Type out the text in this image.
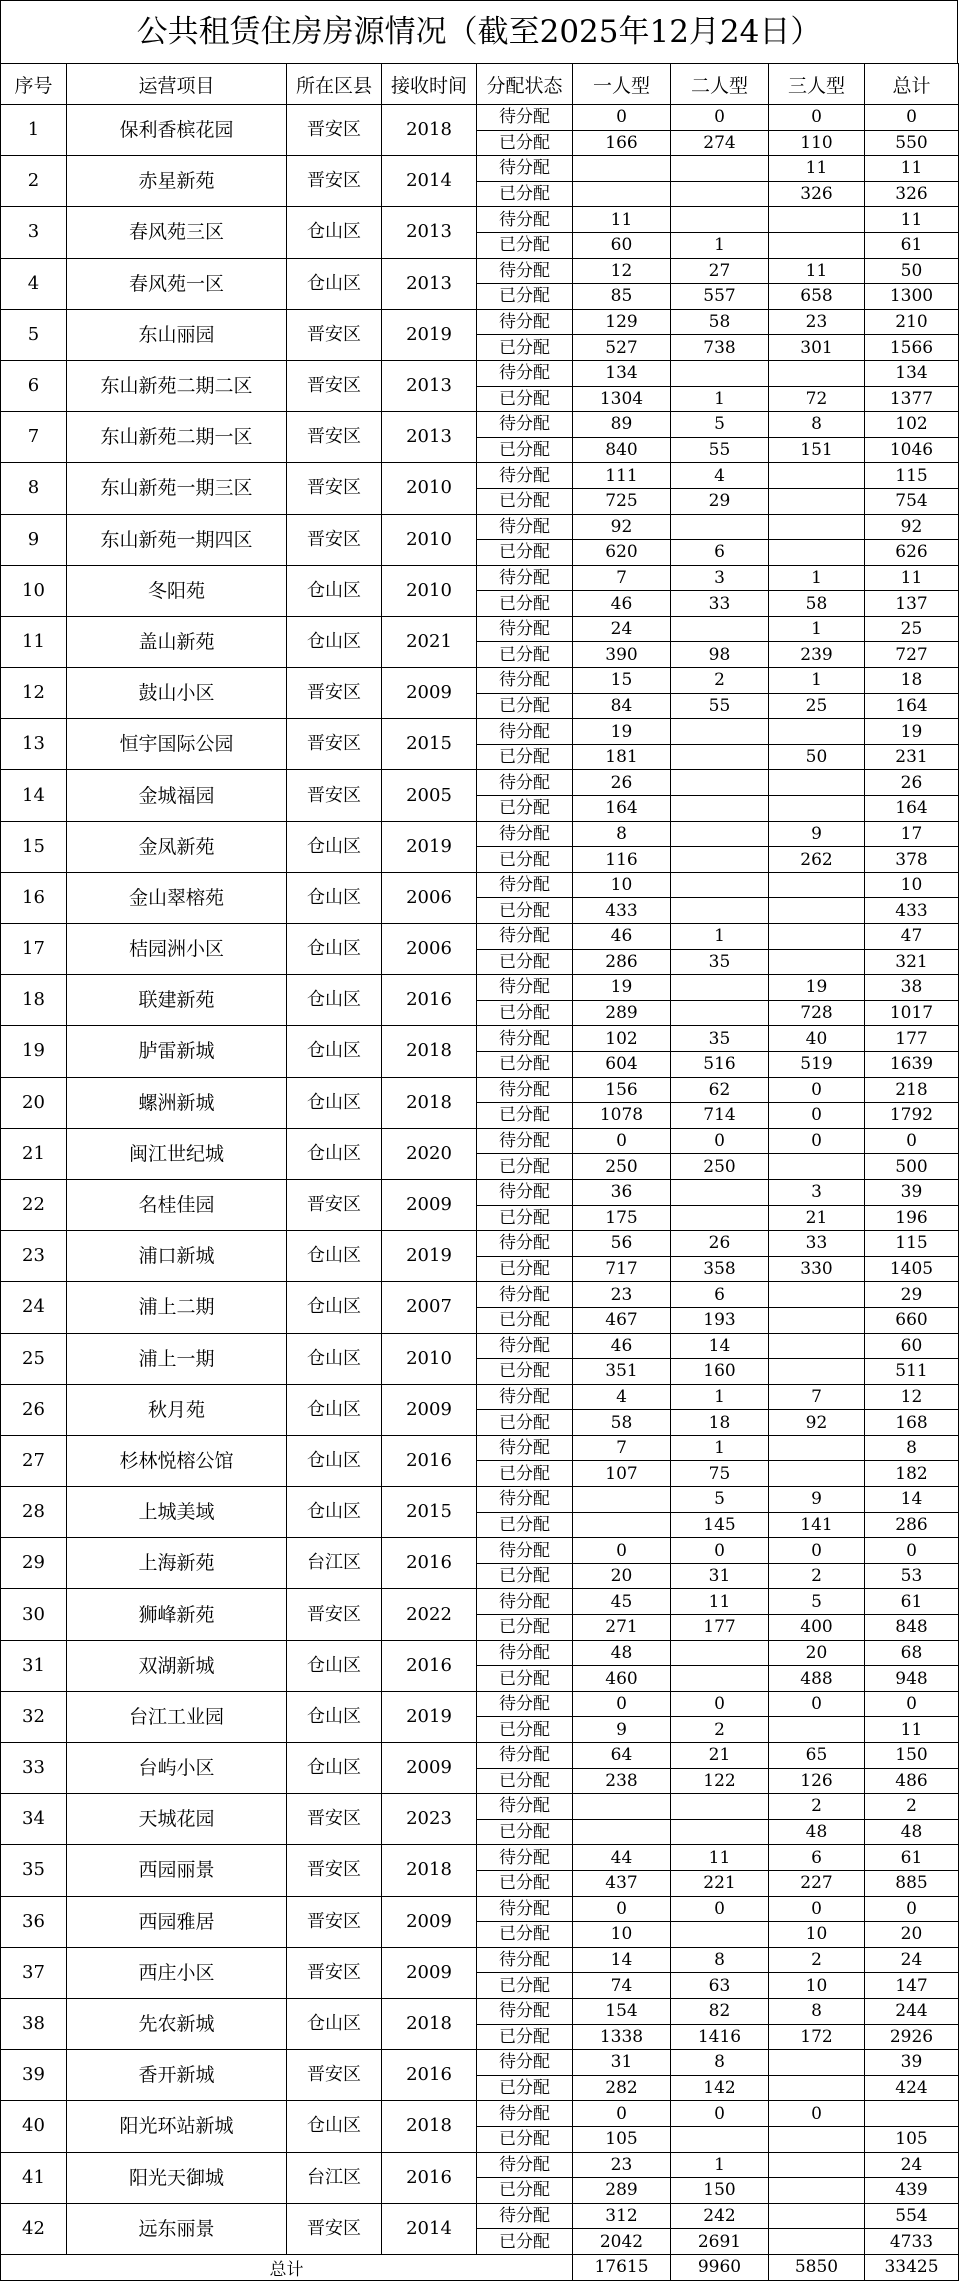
公共租赁住房房源情况（截至2025年12月24日）
序号	运营项目	所在区县	接收时间	分配状态	一人型	二人型	三人型	总计
1	保利香槟花园	晋安区	2018	待分配	0	0	0	0
				已分配	166	274	110	550
2	赤星新苑	晋安区	2014	待分配			11	11
				已分配			326	326
3	春风苑三区	仓山区	2013	待分配	11			11
				已分配	60	1		61
4	春风苑一区	仓山区	2013	待分配	12	27	11	50
				已分配	85	557	658	1300
5	东山丽园	晋安区	2019	待分配	129	58	23	210
				已分配	527	738	301	1566
6	东山新苑二期二区	晋安区	2013	待分配	134			134
				已分配	1304	1	72	1377
7	东山新苑二期一区	晋安区	2013	待分配	89	5	8	102
				已分配	840	55	151	1046
8	东山新苑一期三区	晋安区	2010	待分配	111	4		115
				已分配	725	29		754
9	东山新苑一期四区	晋安区	2010	待分配	92			92
				已分配	620	6		626
10	冬阳苑	仓山区	2010	待分配	7	3	1	11
				已分配	46	33	58	137
11	盖山新苑	仓山区	2021	待分配	24		1	25
				已分配	390	98	239	727
12	鼓山小区	晋安区	2009	待分配	15	2	1	18
				已分配	84	55	25	164
13	恒宇国际公园	晋安区	2015	待分配	19			19
				已分配	181		50	231
14	金城福园	晋安区	2005	待分配	26			26
				已分配	164			164
15	金凤新苑	仓山区	2019	待分配	8		9	17
				已分配	116		262	378
16	金山翠榕苑	仓山区	2006	待分配	10			10
				已分配	433			433
17	桔园洲小区	仓山区	2006	待分配	46	1		47
				已分配	286	35		321
18	联建新苑	仓山区	2016	待分配	19		19	38
				已分配	289		728	1017
19	胪雷新城	仓山区	2018	待分配	102	35	40	177
				已分配	604	516	519	1639
20	螺洲新城	仓山区	2018	待分配	156	62	0	218
				已分配	1078	714	0	1792
21	闽江世纪城	仓山区	2020	待分配	0	0	0	0
				已分配	250	250		500
22	名桂佳园	晋安区	2009	待分配	36		3	39
				已分配	175		21	196
23	浦口新城	仓山区	2019	待分配	56	26	33	115
				已分配	717	358	330	1405
24	浦上二期	仓山区	2007	待分配	23	6		29
				已分配	467	193		660
25	浦上一期	仓山区	2010	待分配	46	14		60
				已分配	351	160		511
26	秋月苑	仓山区	2009	待分配	4	1	7	12
				已分配	58	18	92	168
27	杉林悦榕公馆	仓山区	2016	待分配	7	1		8
				已分配	107	75		182
28	上城美域	仓山区	2015	待分配		5	9	14
				已分配		145	141	286
29	上海新苑	台江区	2016	待分配	0	0	0	0
				已分配	20	31	2	53
30	狮峰新苑	晋安区	2022	待分配	45	11	5	61
				已分配	271	177	400	848
31	双湖新城	仓山区	2016	待分配	48		20	68
				已分配	460		488	948
32	台江工业园	仓山区	2019	待分配	0	0	0	0
				已分配	9	2		11
33	台屿小区	仓山区	2009	待分配	64	21	65	150
				已分配	238	122	126	486
34	天城花园	晋安区	2023	待分配			2	2
				已分配			48	48
35	西园丽景	晋安区	2018	待分配	44	11	6	61
				已分配	437	221	227	885
36	西园雅居	晋安区	2009	待分配	0	0	0	0
				已分配	10		10	20
37	西庄小区	晋安区	2009	待分配	14	8	2	24
				已分配	74	63	10	147
38	先农新城	仓山区	2018	待分配	154	82	8	244
				已分配	1338	1416	172	2926
39	香开新城	晋安区	2016	待分配	31	8		39
				已分配	282	142		424
40	阳光环站新城	仓山区	2018	待分配	0	0	0	
				已分配	105			105
41	阳光天御城	台江区	2016	待分配	23	1		24
				已分配	289	150		439
42	远东丽景	晋安区	2014	待分配	312	242		554
				已分配	2042	2691		4733
总计					17615	9960	5850	33425
